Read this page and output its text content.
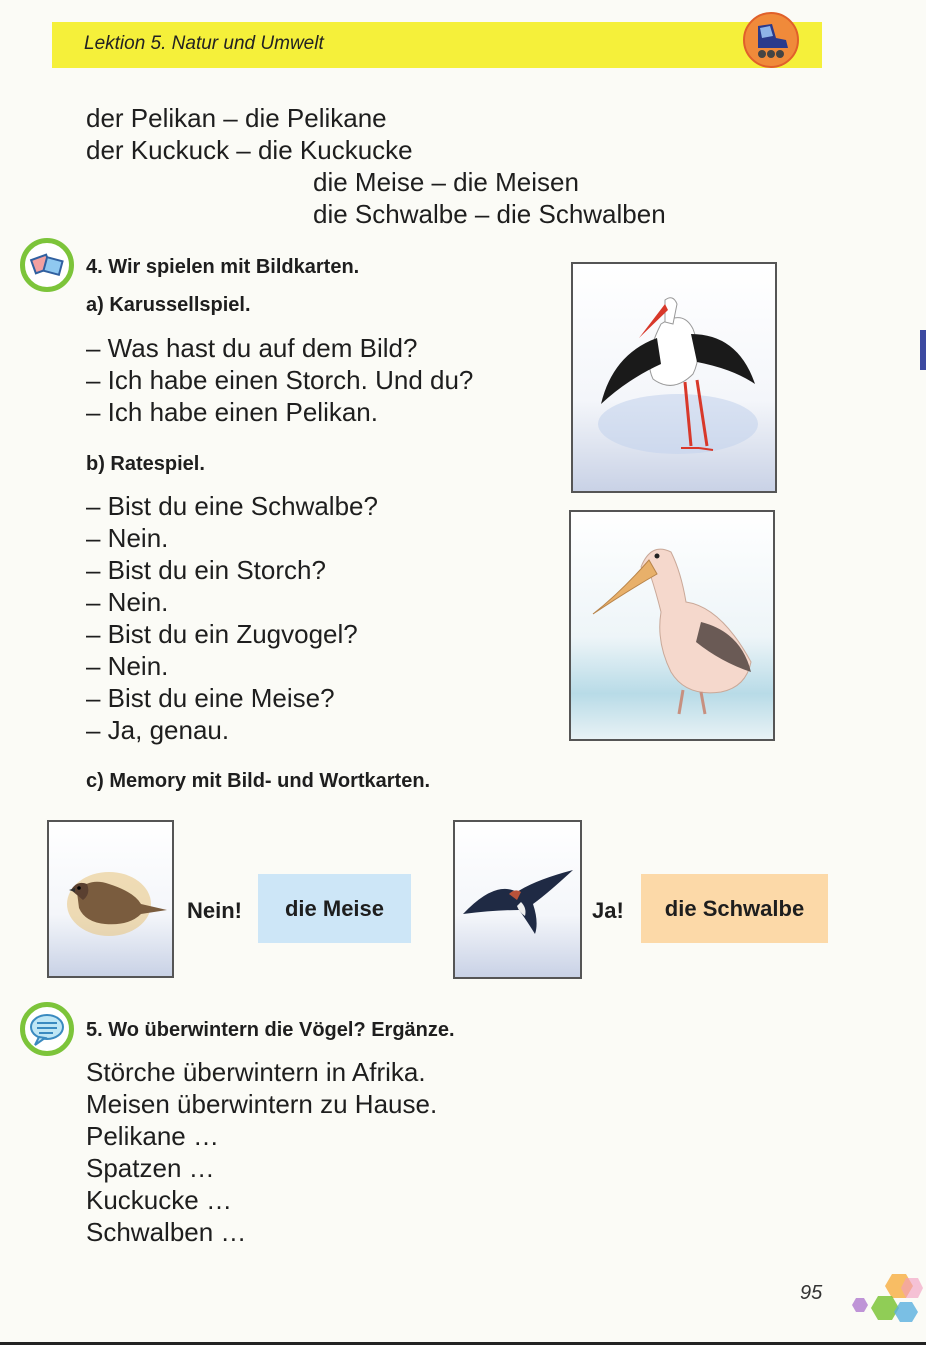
Lektion 5. Natur und Umwelt
der Pelikan – die Pelikane
der Kuckuck – die Kuckucke
die Meise – die Meisen
die Schwalbe – die Schwalben
4. Wir spielen mit Bildkarten.
a) Karussellspiel.
– Was hast du auf dem Bild?
– Ich habe einen Storch. Und du?
– Ich habe einen Pelikan.
b) Ratespiel.
– Bist du eine Schwalbe?
– Nein.
– Bist du ein Storch?
– Nein.
– Bist du ein Zugvogel?
– Nein.
– Bist du eine Meise?
– Ja, genau.
c) Memory mit Bild- und Wortkarten.
Nein!	die Meise	Ja!	die Schwalbe
5. Wo überwintern die Vögel? Ergänze.
Störche überwintern in Afrika.
Meisen überwintern zu Hause.
Pelikane …
Spatzen …
Kuckucke …
Schwalben …
95
